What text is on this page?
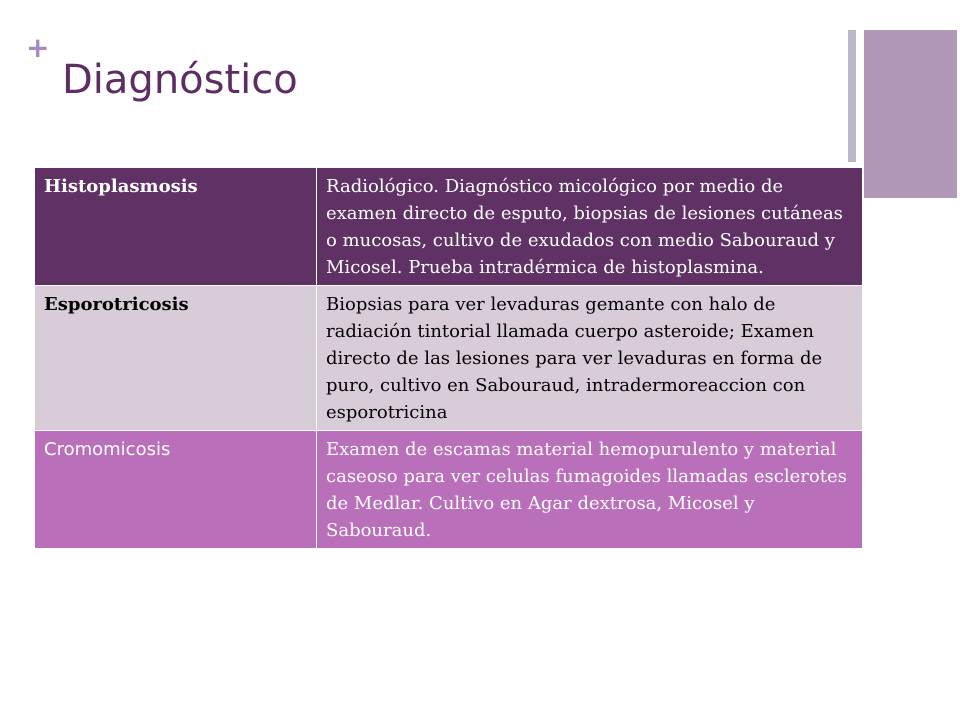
+
Diagnóstico
Histoplasmosis	Radiológico. Diagnóstico micológico por medio de examen directo de esputo, biopsias de lesiones cutáneas o mucosas, cultivo de exudados con medio Sabouraud y Micosel. Prueba intradérmica de histoplasmina.
Esporotricosis	Biopsias para ver levaduras gemante con halo de radiación tintorial llamada cuerpo asteroide; Examen directo de las lesiones para ver levaduras en forma de puro, cultivo en Sabouraud, intradermoreaccion con esporotricina
Cromomicosis	Examen de escamas material hemopurulento y material caseoso para ver celulas fumagoides llamadas esclerotes de Medlar. Cultivo en Agar dextrosa, Micosel y Sabouraud.
